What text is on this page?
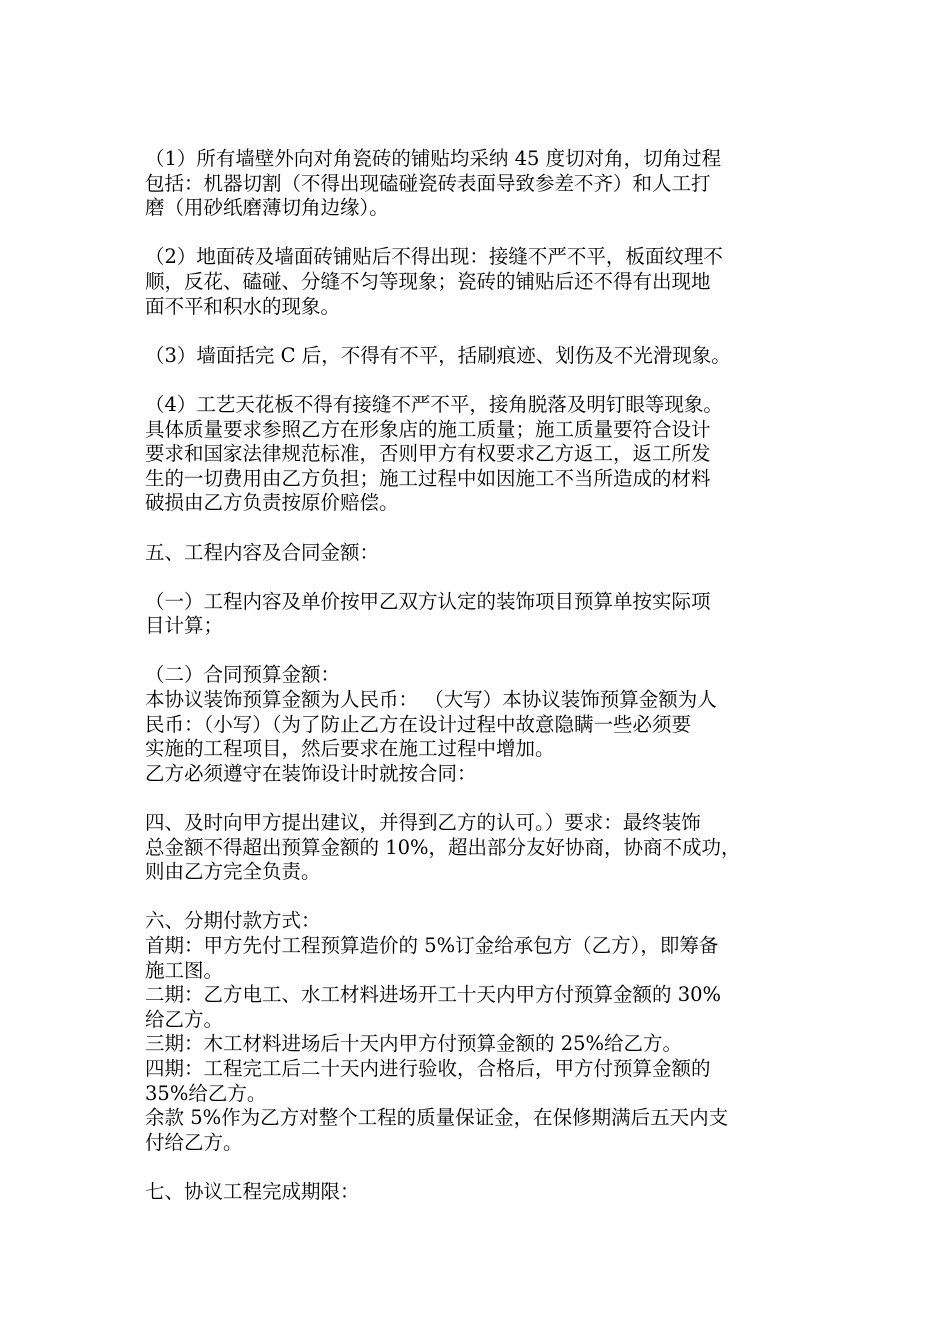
（1）所有墙壁外向对角瓷砖的铺贴均采纳 45 度切对角，切角过程
包括：机器切割（不得出现磕碰瓷砖表面导致参差不齐）和人工打
磨（用砂纸磨薄切角边缘）。
（2）地面砖及墙面砖铺贴后不得出现：接缝不严不平，板面纹理不
顺，反花、磕碰、分缝不匀等现象；瓷砖的铺贴后还不得有出现地
面不平和积水的现象。
（3）墙面括完 C 后，不得有不平，括刷痕迹、划伤及不光滑现象。
（4）工艺天花板不得有接缝不严不平，接角脱落及明钉眼等现象。
具体质量要求参照乙方在形象店的施工质量；施工质量要符合设计
要求和国家法律规范标准，否则甲方有权要求乙方返工，返工所发
生的一切费用由乙方负担；施工过程中如因施工不当所造成的材料
破损由乙方负责按原价赔偿。
五、工程内容及合同金额：
（一）工程内容及单价按甲乙双方认定的装饰项目预算单按实际项
目计算；
（二）合同预算金额：
本协议装饰预算金额为人民币： （大写）本协议装饰预算金额为人
民币：（小写）（为了防止乙方在设计过程中故意隐瞒一些必须要
实施的工程项目，然后要求在施工过程中增加。
乙方必须遵守在装饰设计时就按合同：
四、及时向甲方提出建议，并得到乙方的认可。）要求：最终装饰
总金额不得超出预算金额的 10%，超出部分友好协商，协商不成功，
则由乙方完全负责。
六、分期付款方式：
首期：甲方先付工程预算造价的 5%订金给承包方（乙方），即筹备
施工图。
二期：乙方电工、水工材料进场开工十天内甲方付预算金额的 30%
给乙方。
三期：木工材料进场后十天内甲方付预算金额的 25%给乙方。
四期：工程完工后二十天内进行验收，合格后，甲方付预算金额的
35%给乙方。
余款 5%作为乙方对整个工程的质量保证金，在保修期满后五天内支
付给乙方。
七、协议工程完成期限：
